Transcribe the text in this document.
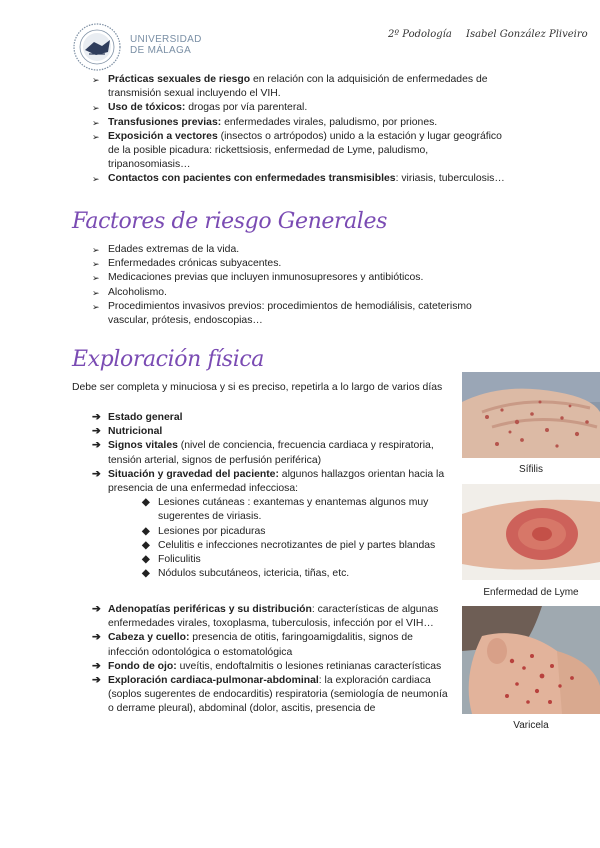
UNIVERSIDAD
DE MÁLAGA
2º Podología Isabel González Pliveiro
➢ Prácticas sexuales de riesgo en relación con la adquisición de enfermedades de transmisión sexual incluyendo el VIH.
➢ Uso de tóxicos: drogas por vía parenteral.
➢ Transfusiones previas: enfermedades virales, paludismo, por priones.
➢ Exposición a vectores (insectos o artrópodos) unido a la estación y lugar geográfico de la posible picadura: rickettsiosis, enfermedad de Lyme, paludismo, tripanosomiasis…
➢ Contactos con pacientes con enfermedades transmisibles: viriasis, tuberculosis…
Factores de riesgo Generales
➢ Edades extremas de la vida.
➢ Enfermedades crónicas subyacentes.
➢ Medicaciones previas que incluyen inmunosupresores y antibióticos.
➢ Alcoholismo.
➢ Procedimientos invasivos previos: procedimientos de hemodiálisis, cateterismo vascular, prótesis, endoscopias…
Exploración física
Debe ser completa y minuciosa y si es preciso, repetirla a lo largo de varios días
➔ Estado general
➔ Nutricional
➔ Signos vitales (nivel de conciencia, frecuencia cardiaca y respiratoria, tensión arterial, signos de perfusión periférica)
➔ Situación y gravedad del paciente: algunos hallazgos orientan hacia la presencia de una enfermedad infecciosa:
◆ Lesiones cutáneas : exantemas y enantemas algunos muy sugerentes de viriasis.
◆ Lesiones por picaduras
◆ Celulitis e infecciones necrotizantes de piel y partes blandas
◆ Foliculitis
◆ Nódulos subcutáneos, ictericia, tiñas, etc.
➔ Adenopatías periféricas y su distribución: características de algunas enfermedades virales, toxoplasma, tuberculosis, infección por el VIH…
➔ Cabeza y cuello: presencia de otitis, faringoamigdalitis, signos de infección odontológica o estomatológica
➔ Fondo de ojo: uveítis, endoftalmitis o lesiones retinianas características
➔ Exploración cardiaca-pulmonar-abdominal: la exploración cardiaca (soplos sugerentes de endocarditis) respiratoria (semiología de neumonía o derrame pleural), abdominal (dolor, ascitis, presencia de
Sífilis
Enfermedad de Lyme
Varicela
